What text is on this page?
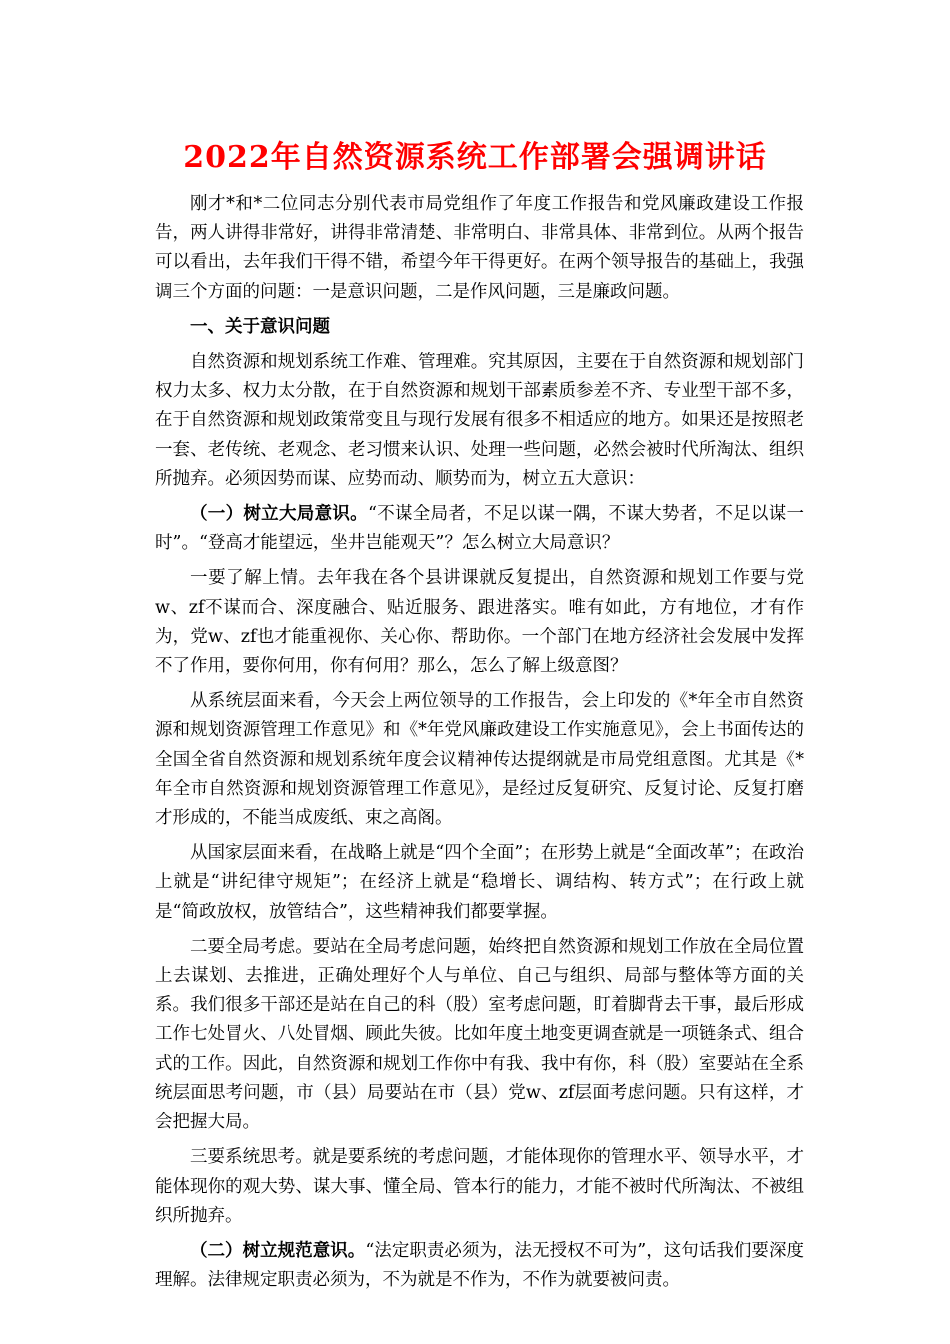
2022年自然资源系统工作部署会强调讲话

刚才*和*二位同志分别代表市局党组作了年度工作报告和党风廉政建设工作报告，两人讲得非常好，讲得非常清楚、非常明白、非常具体、非常到位。从两个报告可以看出，去年我们干得不错，希望今年干得更好。在两个领导报告的基础上，我强调三个方面的问题：一是意识问题，二是作风问题，三是廉政问题。

一、关于意识问题

自然资源和规划系统工作难、管理难。究其原因，主要在于自然资源和规划部门权力太多、权力太分散，在于自然资源和规划干部素质参差不齐、专业型干部不多，在于自然资源和规划政策常变且与现行发展有很多不相适应的地方。如果还是按照老一套、老传统、老观念、老习惯来认识、处理一些问题，必然会被时代所淘汰、组织所抛弃。必须因势而谋、应势而动、顺势而为，树立五大意识：

（一）树立大局意识。“不谋全局者，不足以谋一隅，不谋大势者，不足以谋一时”。“登高才能望远，坐井岂能观天”？怎么树立大局意识？

一要了解上情。去年我在各个县讲课就反复提出，自然资源和规划工作要与党w、zf不谋而合、深度融合、贴近服务、跟进落实。唯有如此，方有地位，才有作为，党w、zf也才能重视你、关心你、帮助你。一个部门在地方经济社会发展中发挥不了作用，要你何用，你有何用？那么，怎么了解上级意图？

从系统层面来看，今天会上两位领导的工作报告，会上印发的《*年全市自然资源和规划资源管理工作意见》和《*年党风廉政建设工作实施意见》，会上书面传达的全国全省自然资源和规划系统年度会议精神传达提纲就是市局党组意图。尤其是《*年全市自然资源和规划资源管理工作意见》，是经过反复研究、反复讨论、反复打磨才形成的，不能当成废纸、束之高阁。

从国家层面来看，在战略上就是“四个全面”；在形势上就是“全面改革”；在政治上就是“讲纪律守规矩”；在经济上就是“稳增长、调结构、转方式”；在行政上就是“简政放权，放管结合”，这些精神我们都要掌握。

二要全局考虑。要站在全局考虑问题，始终把自然资源和规划工作放在全局位置上去谋划、去推进，正确处理好个人与单位、自己与组织、局部与整体等方面的关系。我们很多干部还是站在自己的科（股）室考虑问题，盯着脚背去干事，最后形成工作七处冒火、八处冒烟、顾此失彼。比如年度土地变更调查就是一项链条式、组合式的工作。因此，自然资源和规划工作你中有我、我中有你，科（股）室要站在全系统层面思考问题，市（县）局要站在市（县）党w、zf层面考虑问题。只有这样，才会把握大局。

三要系统思考。就是要系统的考虑问题，才能体现你的管理水平、领导水平，才能体现你的观大势、谋大事、懂全局、管本行的能力，才能不被时代所淘汰、不被组织所抛弃。

（二）树立规范意识。“法定职责必须为，法无授权不可为”，这句话我们要深度理解。法律规定职责必须为，不为就是不作为，不作为就要被问责。
